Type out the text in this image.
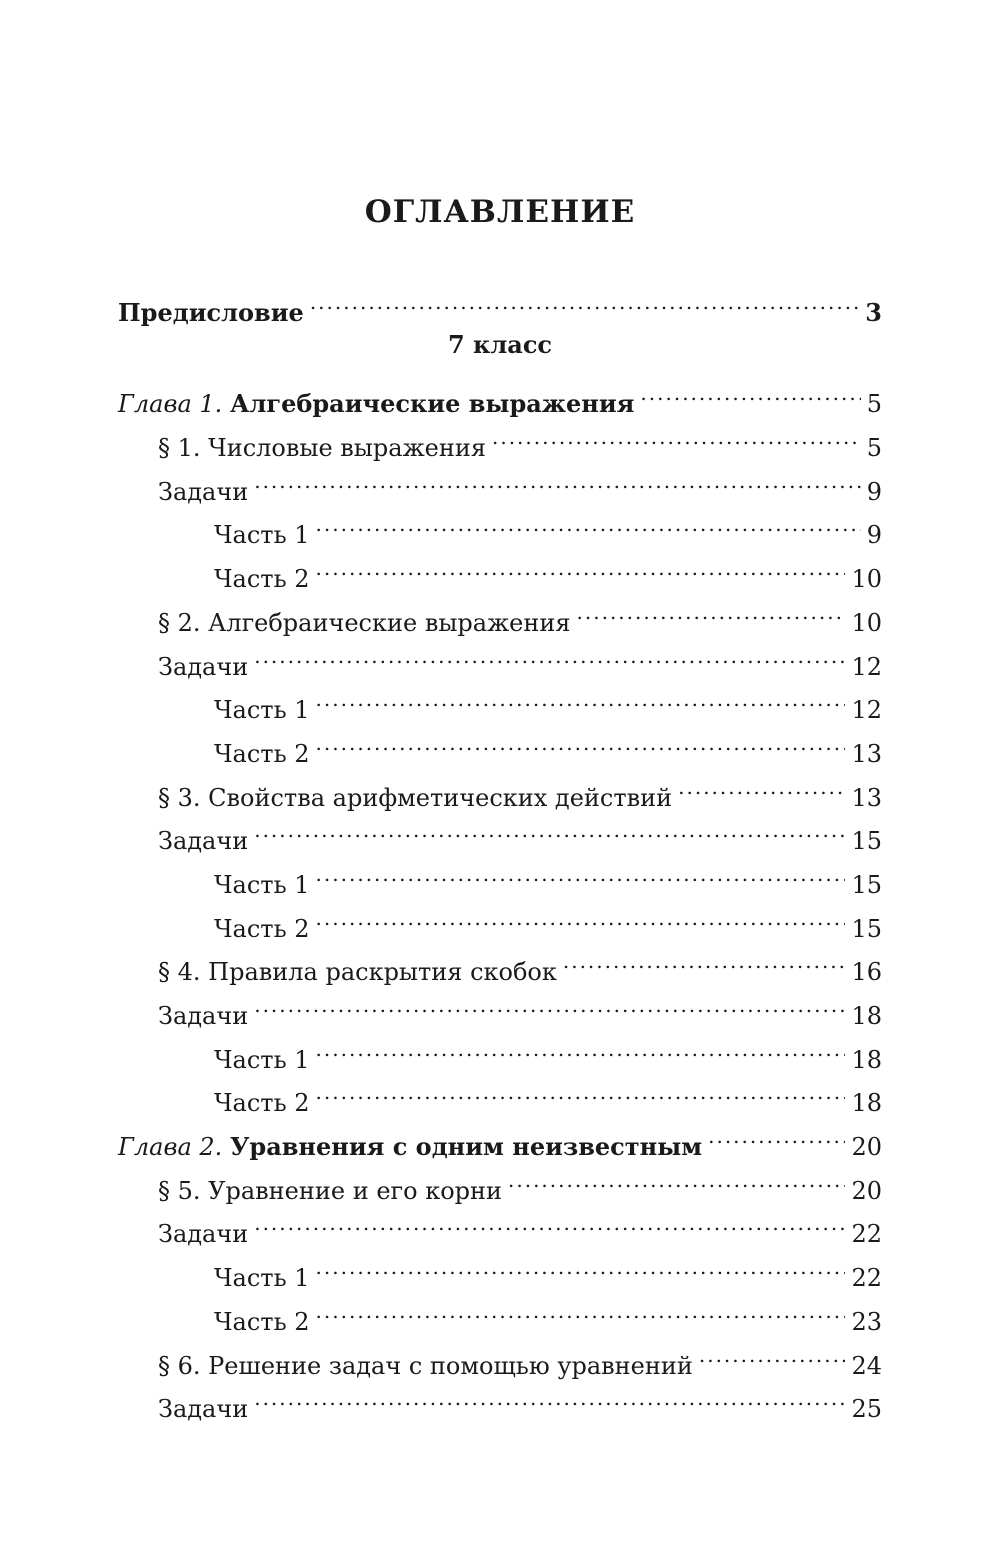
ОГЛАВЛЕНИЕ
Предисловие .....	3
7 класс
Глава 1. Алгебраические выражения .....	5
§ 1. Числовые выражения .....	5
Задачи .....	9
Часть 1 .....	9
Часть 2 .....	10
§ 2. Алгебраические выражения .....	10
Задачи .....	12
Часть 1 .....	12
Часть 2 .....	13
§ 3. Свойства арифметических действий .....	13
Задачи .....	15
Часть 1 .....	15
Часть 2 .....	15
§ 4. Правила раскрытия скобок .....	16
Задачи .....	18
Часть 1 .....	18
Часть 2 .....	18
Глава 2. Уравнения с одним неизвестным .....	20
§ 5. Уравнение и его корни .....	20
Задачи .....	22
Часть 1 .....	22
Часть 2 .....	23
§ 6. Решение задач с помощью уравнений .....	24
Задачи .....	25
